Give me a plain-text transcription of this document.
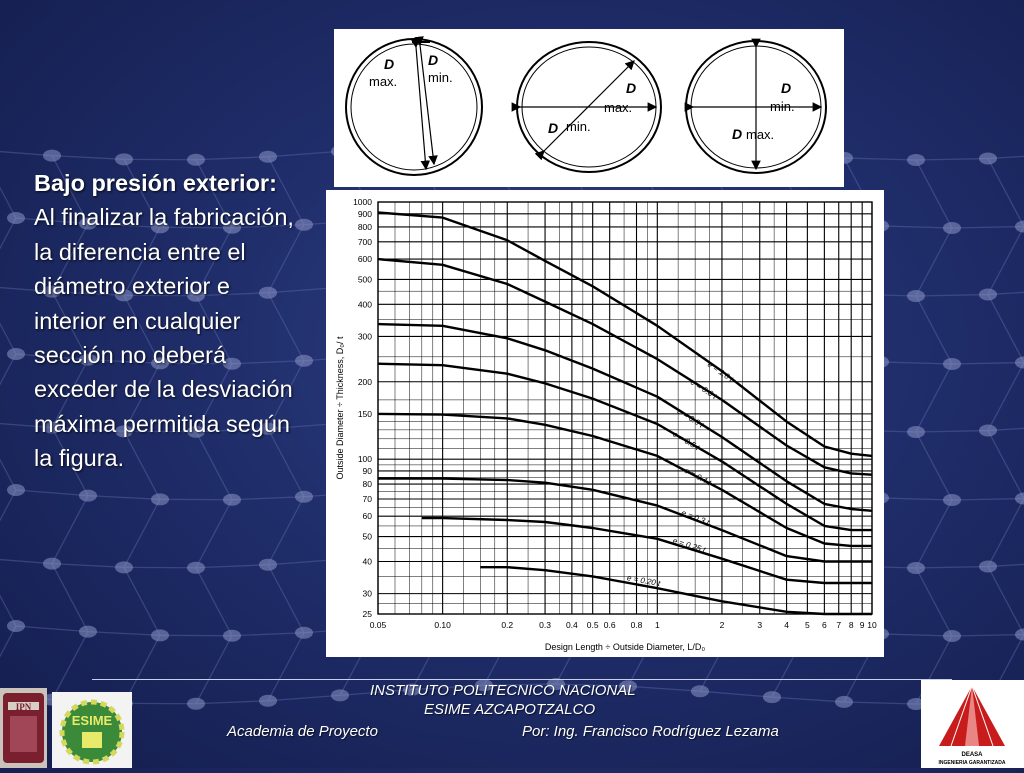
Bajo presión exterior: Al finalizar la fabricación, la diferencia entre el diámetro exterior e interior en cualquier sección no deberá exceder de la desviación máxima permitida según la figura.
D
max.
D
min.
D
max.
D min.
D
min.
D max.
0.05	0.10	0.2	0.3 0.4 0.5 0.6 0.8 1	2	3	4 5 6 7 8 9 10
25
30
40
50
60
70
80
90
100
150
200
300
400
500
600
700
800
900
1000
Design Length ÷ Outside Diameter, L/D₀
Outside Diameter ÷ Thickness, D₀/ t	e = 1.0 t
e = 0.8 t
e = 0.6 t
e = 0.5 t
e = 0.4 t
e = 0.3 t
e = 0.25 t
e = 0.20 t
INSTITUTO POLITECNICO NACIONAL
ESIME AZCAPOTZALCO
Academia de Proyecto	Por: Ing. Francisco Rodríguez Lezama
IPN
ESIME
DEASA
INGENIERIA GARANTIZADA
